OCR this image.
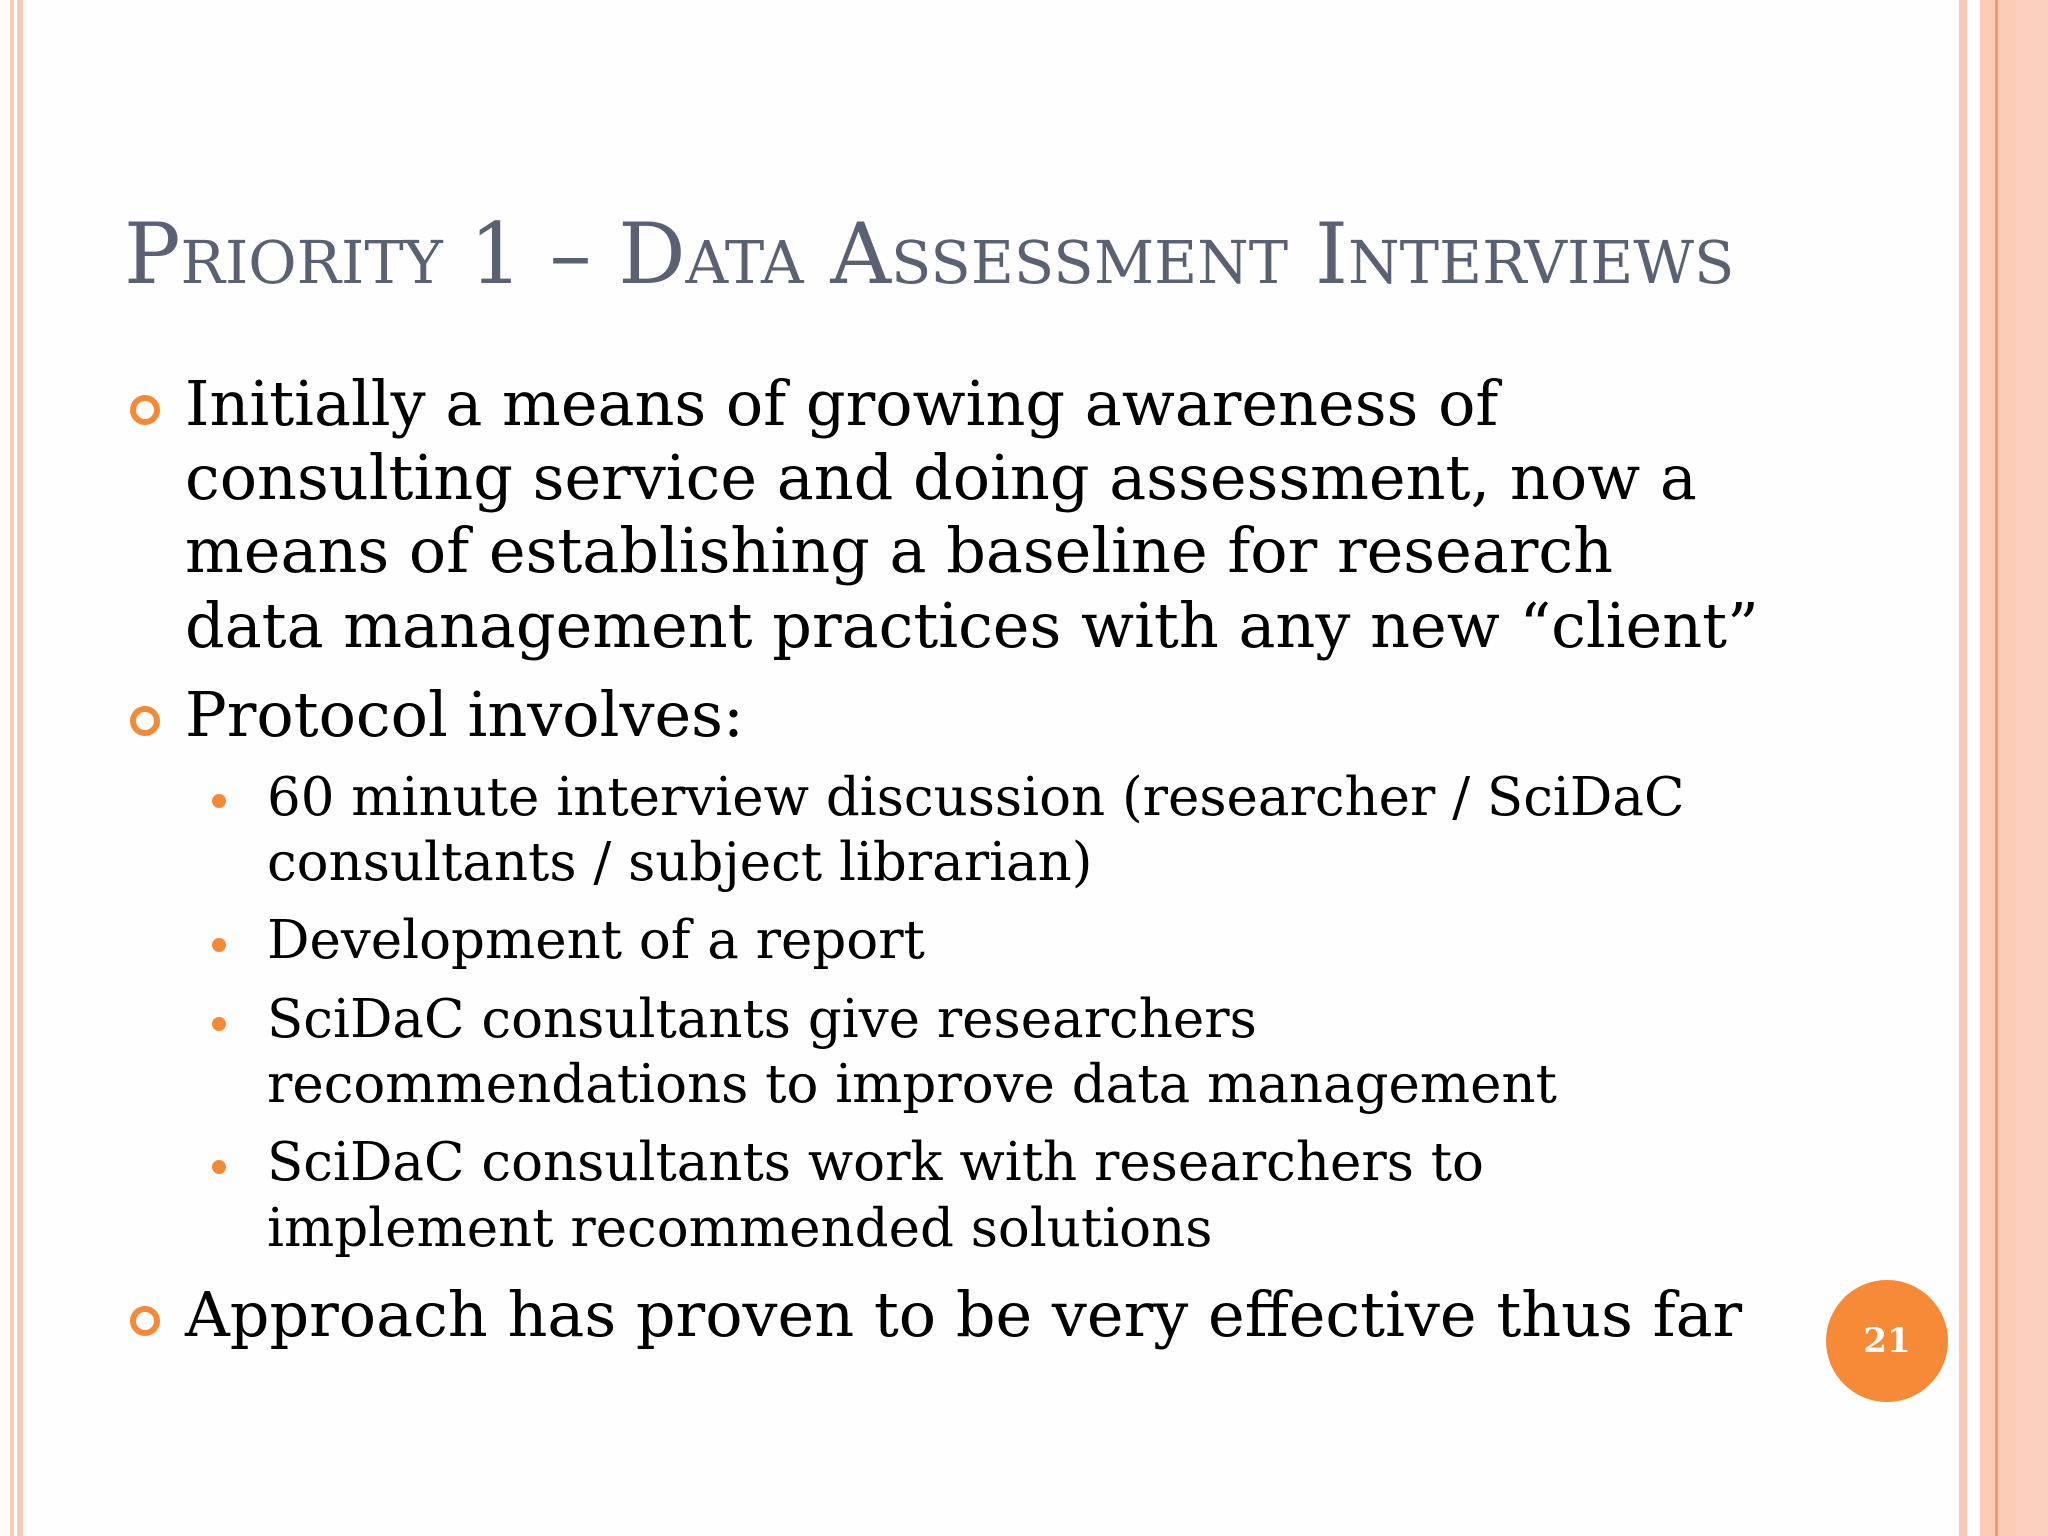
Priority 1 – Data Assessment Interviews
Initially a means of growing awareness of
consulting service and doing assessment, now a
means of establishing a baseline for research
data management practices with any new “client”
Protocol involves:
60 minute interview discussion (researcher / SciDaC
consultants / subject librarian)
Development of a report
SciDaC consultants give researchers
recommendations to improve data management
SciDaC consultants work with researchers to
implement recommended solutions
Approach has proven to be very effective thus far	21
